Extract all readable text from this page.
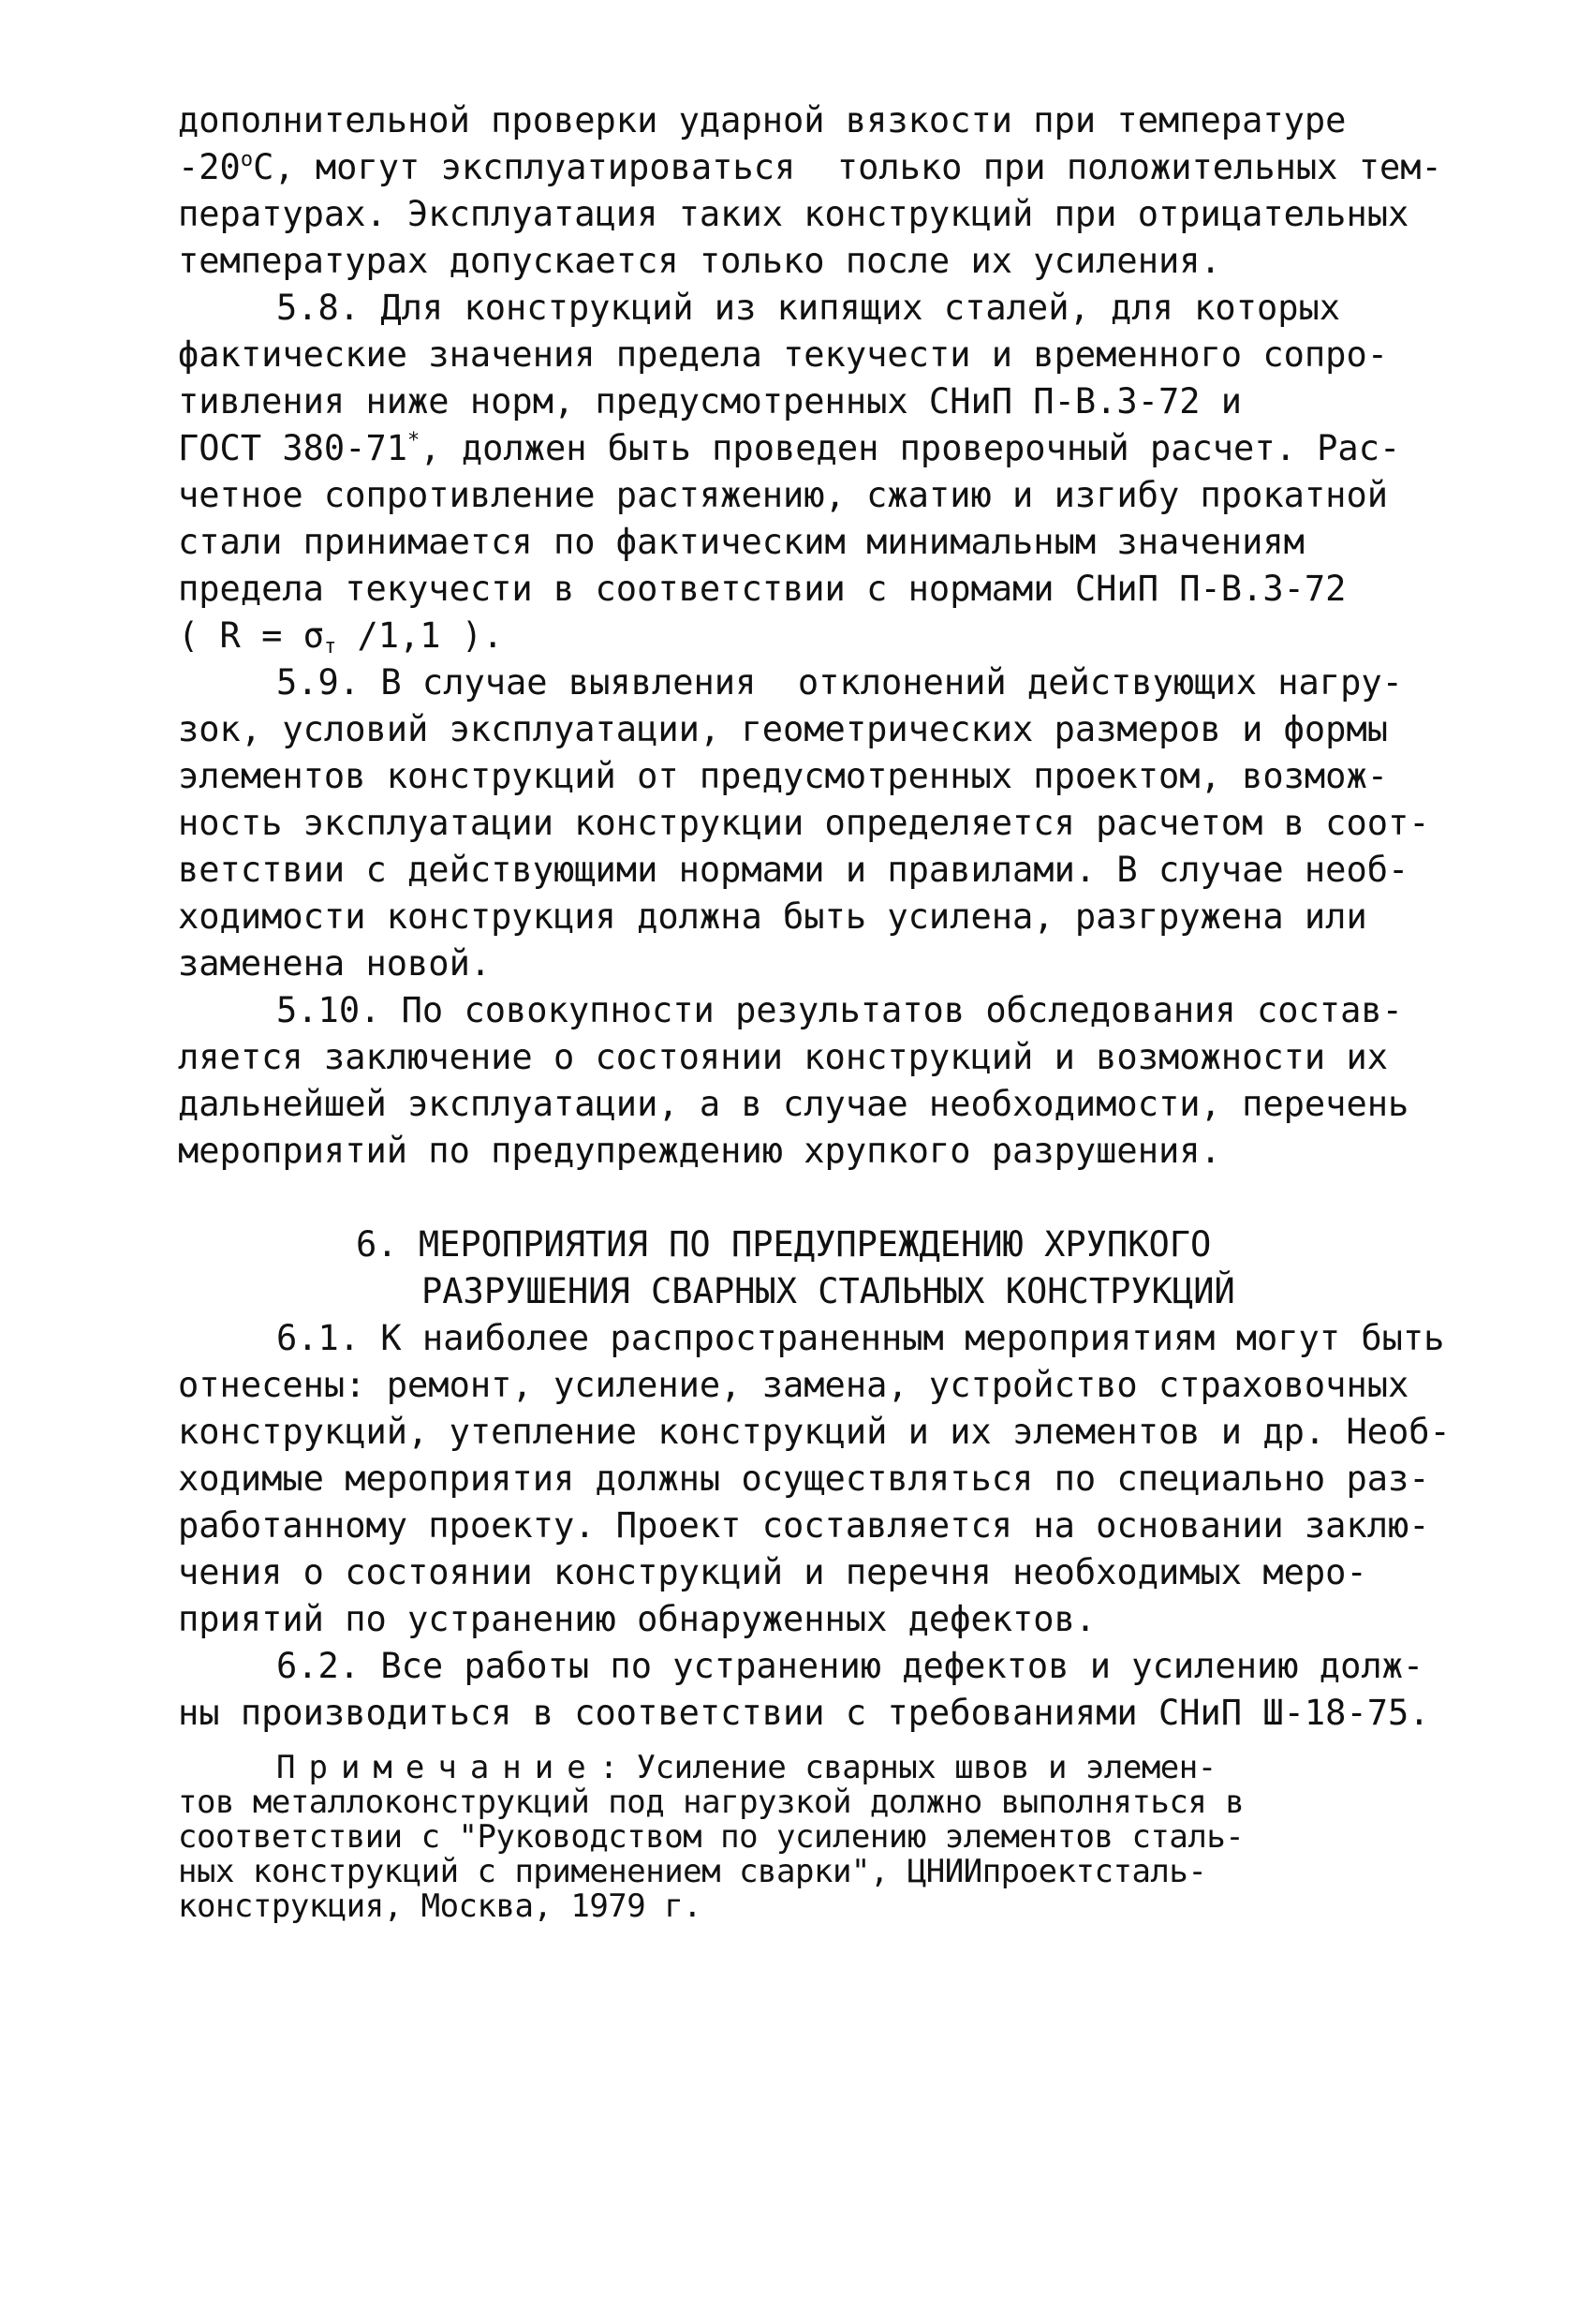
дополнительной проверки ударной вязкости при температуре

$-20^оС$, могут эксплуатироваться  только при положительных тем-

пературах. Эксплуатация таких конструкций при отрицательных

температурах допускается только после их усиления.

5.8. Для конструкций из кипящих сталей, для которых

фактические значения предела текучести и временного сопро-

тивления ниже норм, предусмотренных СНиП П-В.3-72 и

ГОСТ 380-71*, должен быть проведен проверочный расчет. Рас-

четное сопротивление растяжению, сжатию и изгибу прокатной

стали принимается по фактическим минимальным значениям

предела текучести в соответствии с нормами СНиП П-В.3-72

( $R = \sigma_т$ /1,1 ).

5.9. В случае выявления  отклонений действующих нагру-

зок, условий эксплуатации, геометрических размеров и формы

элементов конструкций от предусмотренных проектом, возмож-

ность эксплуатации конструкции определяется расчетом в соот-

ветствии с действующими нормами и правилами. В случае необ-

ходимости конструкция должна быть усилена, разгружена или

заменена новой.

5.10. По совокупности результатов обследования состав-

ляется заключение о состоянии конструкций и возможности их

дальнейшей эксплуатации, а в случае необходимости, перечень

мероприятий по предупреждению хрупкого разрушения.

6. МЕРОПРИЯТИЯ ПО ПРЕДУПРЕЖДЕНИЮ ХРУПКОГО

РАЗРУШЕНИЯ СВАРНЫХ СТАЛЬНЫХ КОНСТРУКЦИЙ

6.1. К наиболее распространенным мероприятиям могут быть

отнесены: ремонт, усиление, замена, устройство страховочных

конструкций, утепление конструкций и их элементов и др. Необ-

ходимые мероприятия должны осуществляться по специально раз-

работанному проекту. Проект составляется на основании заклю-

чения о состоянии конструкций и перечня необходимых меро-

приятий по устранению обнаруженных дефектов.

6.2. Все работы по устранению дефектов и усилению долж-

ны производиться в соответствии с требованиями СНиП Ш-18-75.

Примечание: Усиление сварных швов и элемен-

тов металлоконструкций под нагрузкой должно выполняться в

соответствии с "Руководством по усилению элементов сталь-

ных конструкций с применением сварки", ЦНИИпроектсталь-

конструкция, Москва, 1979 г.
